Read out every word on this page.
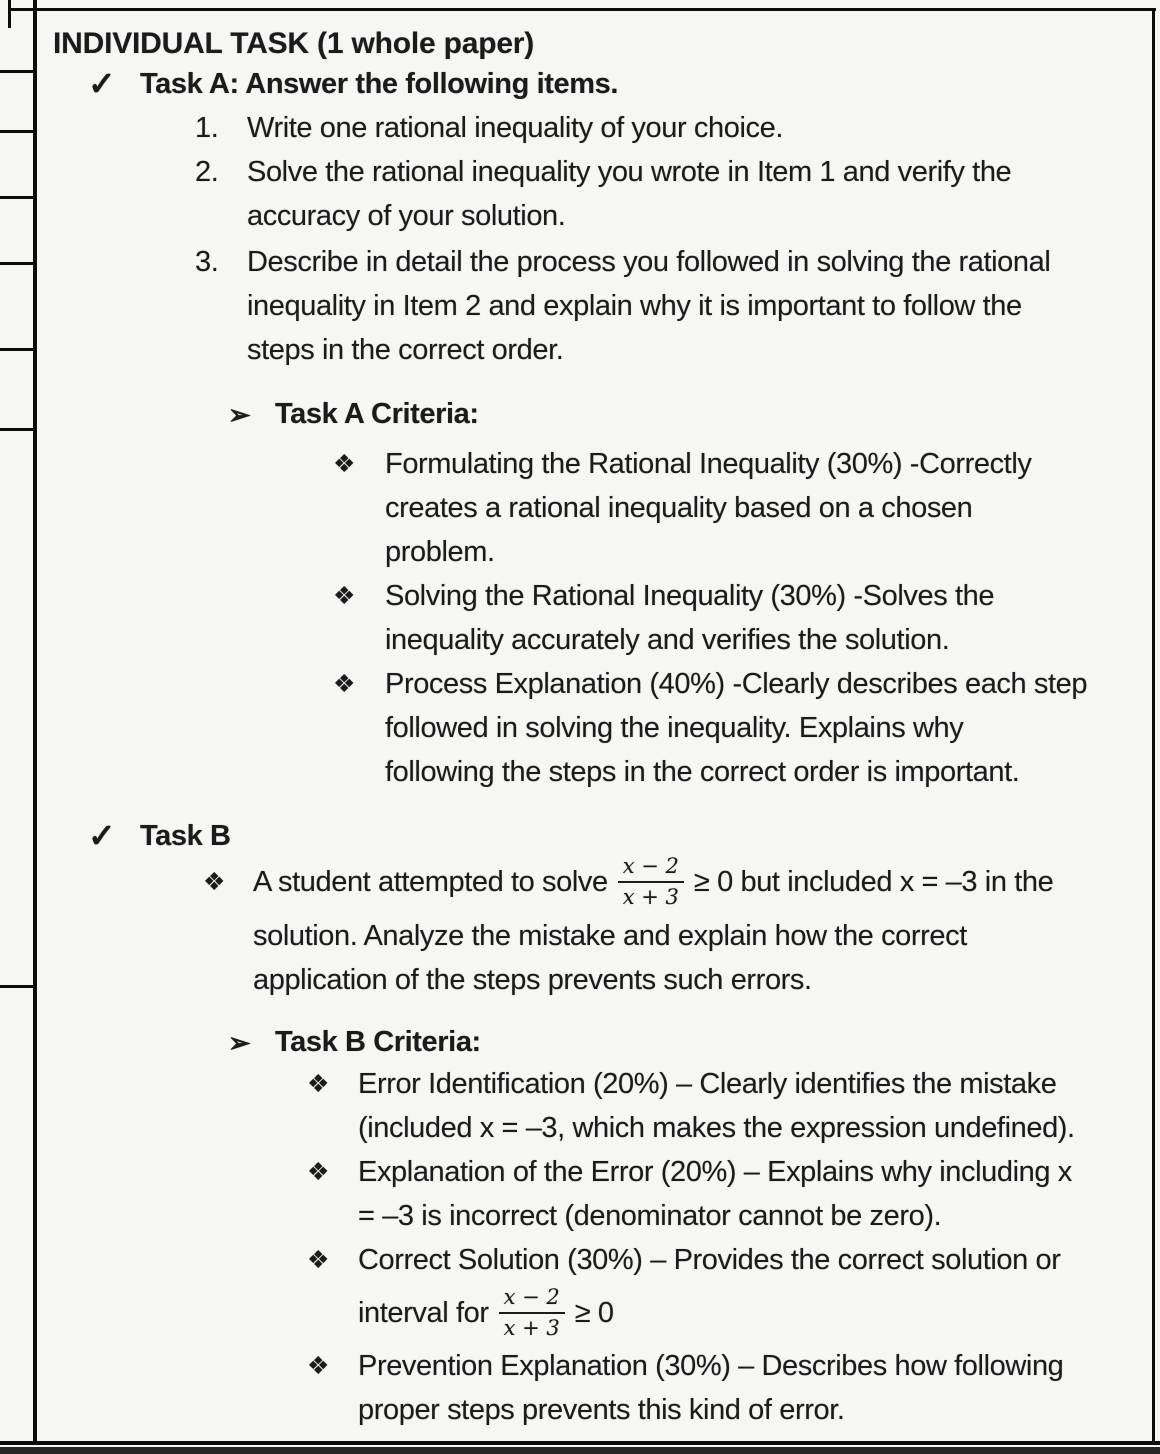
INDIVIDUAL TASK (1 whole paper)
✓ Task A: Answer the following items.
1. Write one rational inequality of your choice.
2. Solve the rational inequality you wrote in Item 1 and verify the
accuracy of your solution.
3. Describe in detail the process you followed in solving the rational
inequality in Item 2 and explain why it is important to follow the
steps in the correct order.
➢ Task A Criteria:
❖ Formulating the Rational Inequality (30%) -Correctly
creates a rational inequality based on a chosen
problem.
❖ Solving the Rational Inequality (30%) -Solves the
inequality accurately and verifies the solution.
❖ Process Explanation (40%) -Clearly describes each step
followed in solving the inequality. Explains why
following the steps in the correct order is important.
✓ Task B
❖ A student attempted to solve $\frac{x - 2}{x + 3} \ge 0$ but included x = –3 in the
solution. Analyze the mistake and explain how the correct
application of the steps prevents such errors.
➢ Task B Criteria:
❖ Error Identification (20%) – Clearly identifies the mistake
(included x = –3, which makes the expression undefined).
❖ Explanation of the Error (20%) – Explains why including x
= –3 is incorrect (denominator cannot be zero).
❖ Correct Solution (30%) – Provides the correct solution or
interval for $\frac{x - 2}{x + 3} \ge 0$
❖ Prevention Explanation (30%) – Describes how following
proper steps prevents this kind of error.
